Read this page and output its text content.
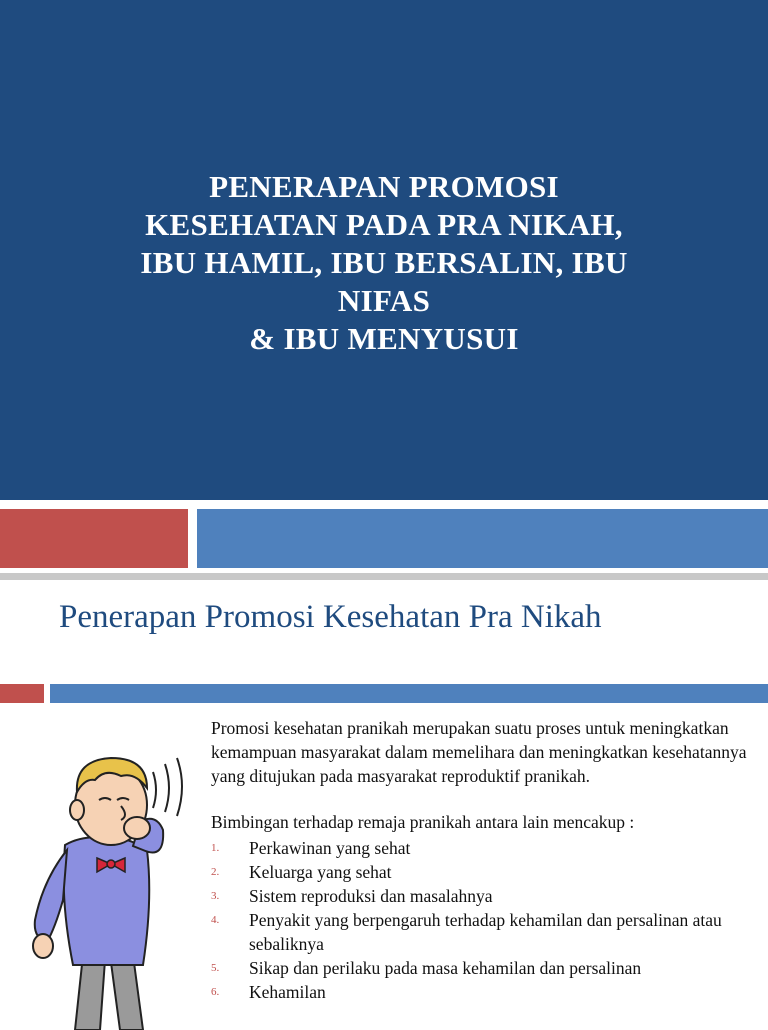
PENERAPAN PROMOSI
KESEHATAN PADA PRA NIKAH,
IBU HAMIL, IBU BERSALIN, IBU
NIFAS
& IBU MENYUSUI
Penerapan Promosi Kesehatan Pra Nikah

Promosi kesehatan pranikah merupakan suatu proses untuk meningkatkan kemampuan masyarakat dalam memelihara dan meningkatkan kesehatannya yang ditujukan pada masyarakat reproduktif pranikah.

Bimbingan terhadap remaja pranikah antara lain mencakup :

1. Perkawinan yang sehat
2. Keluarga yang sehat
3. Sistem reproduksi dan masalahnya
4. Penyakit yang berpengaruh terhadap kehamilan dan persalinan atau sebaliknya
5. Sikap dan perilaku pada masa kehamilan dan persalinan
6. Kehamilan
